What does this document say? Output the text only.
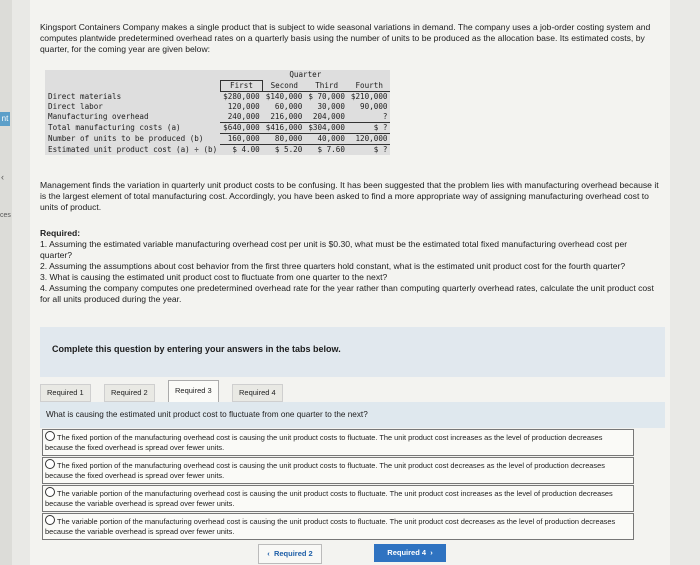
nt
‹
ces
Kingsport Containers Company makes a single product that is subject to wide seasonal variations in demand. The company uses a job-order costing system and computes plantwide predetermined overhead rates on a quarterly basis using the number of units to be produced as the allocation base. Its estimated costs, by quarter, for the coming year are given below:
	Quarter			
	First	Second	Third	Fourth
Direct materials	$280,000	$140,000	$ 70,000	$210,000
Direct labor	120,000	60,000	30,000	90,000
Manufacturing overhead	240,000	216,000	204,000	?
Total manufacturing costs (a)	$640,000	$416,000	$304,000	$ ?
Number of units to be produced (b)	160,000	80,000	40,000	120,000
Estimated unit product cost (a) ÷ (b)	$ 4.00	$ 5.20	$ 7.60	$ ?
Management finds the variation in quarterly unit product costs to be confusing. It has been suggested that the problem lies with manufacturing overhead because it is the largest element of total manufacturing cost. Accordingly, you have been asked to find a more appropriate way of assigning manufacturing overhead cost to units of product.
Required:
1. Assuming the estimated variable manufacturing overhead cost per unit is $0.30, what must be the estimated total fixed manufacturing overhead cost per quarter?
2. Assuming the assumptions about cost behavior from the first three quarters hold constant, what is the estimated unit product cost for the fourth quarter?
3. What is causing the estimated unit product cost to fluctuate from one quarter to the next?
4. Assuming the company computes one predetermined overhead rate for the year rather than computing quarterly overhead rates, calculate the unit product cost for all units produced during the year.
Complete this question by entering your answers in the tabs below.
Required 1	Required 2	Required 3	Required 4
What is causing the estimated unit product cost to fluctuate from one quarter to the next?
The fixed portion of the manufacturing overhead cost is causing the unit product costs to fluctuate. The unit product cost increases as the level of production decreases because the fixed overhead is spread over fewer units.
The fixed portion of the manufacturing overhead cost is causing the unit product costs to fluctuate. The unit product cost decreases as the level of production decreases because the fixed overhead is spread over fewer units.
The variable portion of the manufacturing overhead cost is causing the unit product costs to fluctuate. The unit product cost increases as the level of production decreases because the variable overhead is spread over fewer units.
The variable portion of the manufacturing overhead cost is causing the unit product costs to fluctuate. The unit product cost decreases as the level of production decreases because the variable overhead is spread over fewer units.
‹ Required 2	Required 4 ›
